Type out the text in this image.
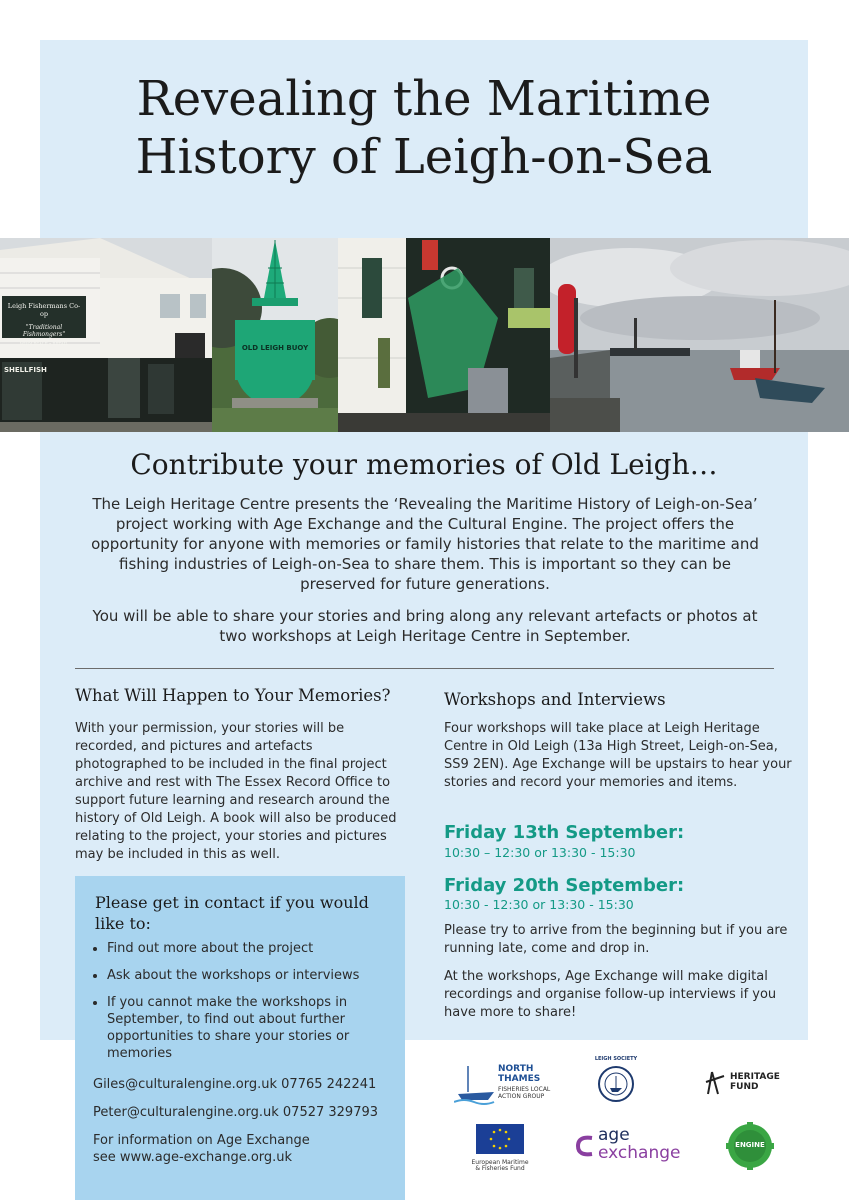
Revealing the Maritime
History of Leigh-on-Sea
Leigh Fishermans Co-op
"Traditional Fishmongers"
WHOLESALE • RETAIL
SHELLFISH
OLD LEIGH BUOY
Contribute your memories of Old Leigh…

The Leigh Heritage Centre presents the ‘Revealing the Maritime History of Leigh-on-Sea’ project working with Age Exchange and the Cultural Engine. The project offers the opportunity for anyone with memories or family histories that relate to the maritime and fishing industries of Leigh-on-Sea to share them. This is important so they can be preserved for future generations.

You will be able to share your stories and bring along any relevant artefacts or photos at two workshops at Leigh Heritage Centre in September.

What Will Happen to Your Memories?
With your permission, your stories will be recorded, and pictures and artefacts photographed to be included in the final project archive and rest with The Essex Record Office to support future learning and research around the history of Old Leigh. A book will also be produced relating to the project, your stories and pictures may be included in this as well.
Workshops and Interviews
Four workshops will take place at Leigh Heritage Centre in Old Leigh (13a High Street, Leigh-on-Sea, SS9 2EN). Age Exchange will be upstairs to hear your stories and record your memories and items.
Friday 13th September:
10:30 – 12:30 or 13:30 - 15:30
Friday 20th September:
10:30 - 12:30 or 13:30 - 15:30
Please try to arrive from the beginning but if you are running late, come and drop in.
At the workshops, Age Exchange will make digital recordings and organise follow-up interviews if you have more to share!
Please get in contact if you would like to:
• Find out more about the project
• Ask about the workshops or interviews
• If you cannot make the workshops in September, to find out about further opportunities to share your stories or memories
Giles@culturalengine.org.uk 07765 242241
Peter@culturalengine.org.uk 07527 329793
For information on Age Exchange
see www.age-exchange.org.uk
NORTH
THAMES
FISHERIES LOCAL
ACTION GROUP
LEIGH SOCIETY
HERITAGE
FUND
European Maritime & Fisheries Fund
age
exchange	ENGINE
